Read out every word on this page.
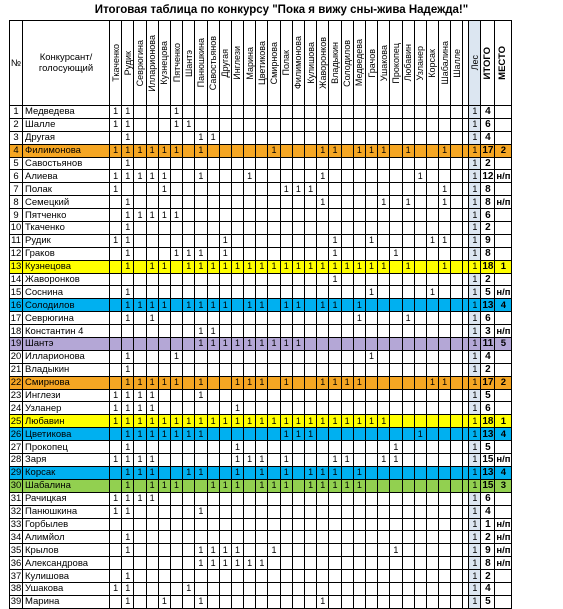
Итоговая таблица по конкурсу "Пока я вижу сны-жива Надежда!"
№	Конкурсант/ голосующий	Ткаченко	Рудик	Севрюгина	Илларионова	Кузнецова	Пятченко	Шантэ	Панюшкина	Савостьянов	Другая	Инглези	Марина	Цветикова	Смирнова	Полак	Филимонова	Кулишова	Жаворонков	Владыкин	Солодилов	Медведева	Грачов	Ушакова	Прокопец	Любавин	Узланер	Корсак	Шабалина	Шалле		Лес	ИТОГО	МЕСТО

1	Медведева	1	1				1																									1	4	
2	Шалле	1	1				1	1																								1	6	
3	Другая		1						1	1																						1	4	
4	Филимонова	1	1	1	1	1	1		1						1				1	1		1	1	1		1			1			1	17	2
5	Савостьянов		1																													1	2	
6	Алиева	1	1	1	1	1			1				1						1								1					1	12	н/п
7	Полак	1				1										1	1	1											1			1	8	
8	Семецкий		1																1					1		1			1			1	8	н/п
9	Пятченко		1	1	1	1	1																									1	6	
10	Ткаченко		1																													1	2	
11	Рудик	1	1								1									1			1					1	1			1	9	
12	Граков		1				1	1	1		1									1					1							1	8	
13	Кузнецова		1		1	1		1	1	1	1	1	1	1	1	1	1	1	1	1	1	1	1	1		1			1			1	18	1
14	Жаворонков																			1												1	2	
15	Соснина		1																				1					1				1	5	н/п
16	Солодилов		1	1	1	1		1	1	1	1		1	1		1	1		1	1		1										1	13	4
17	Севрюгина		1		1																	1				1						1	6	
18	Константин 4								1	1																						1	3	н/п
19	Шантэ								1	1	1	1	1	1	1	1	1															1	11	5
20	Илларионова		1				1																1									1	4	
21	Владыкин		1																													1	2	
22	Смирнова		1	1	1	1	1		1			1	1	1		1			1	1	1	1						1	1			1	17	2
23	Инглези	1	1	1	1				1																							1	5	
24	Узланер	1	1	1	1							1																				1	6	
25	Любавин	1	1	1	1	1	1	1	1	1	1	1	1	1	1	1	1	1	1	1	1	1	1	1								1	18	1
26	Цветикова		1	1	1	1	1	1	1							1	1	1									1					1	13	4
27	Прокопец		1									1													1							1	5	
28	Заря	1	1	1	1							1	1	1		1				1	1			1	1							1	15	н/п
29	Корсак		1	1	1			1	1			1		1		1		1	1	1		1										1	13	4
30	Шабалина		1		1	1	1			1	1	1		1	1	1		1	1	1	1	1										1	15	3
31	Рачицкая	1	1	1	1																											1	6	
32	Панюшкина	1	1						1																							1	4	
33	Горбылев																															1	1	н/п
34	Алимйол		1																													1	2	н/п
35	Крылов		1						1	1	1	1			1										1							1	9	н/п
36	Александрова								1	1	1	1	1	1																		1	8	н/п
37	Кулишова		1																													1	2	
38	Ушакова	1	1					1																								1	4	
39	Марина		1			1			1										1													1	5	
